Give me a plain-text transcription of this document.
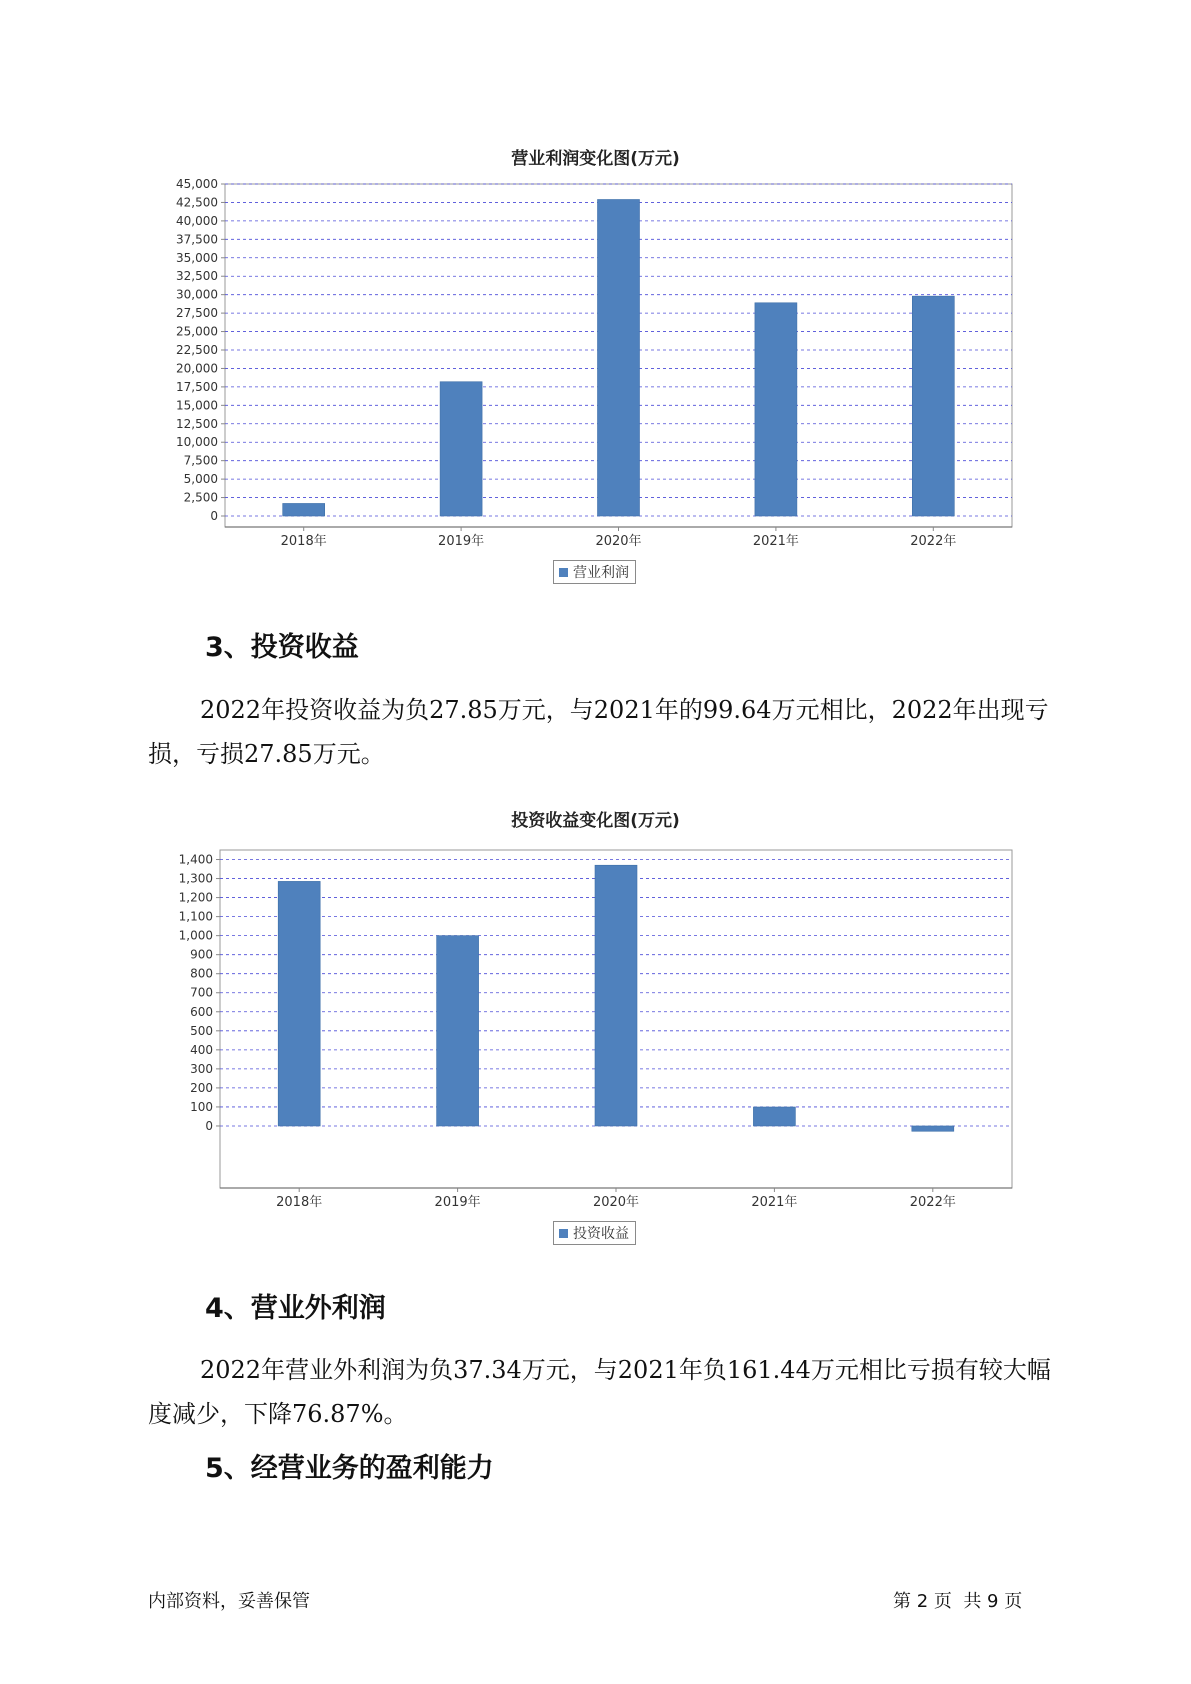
营业利润变化图(万元)
0
2,500
5,000
7,500
10,000
12,500
15,000
17,500
20,000
22,500
25,000
27,500
30,000
32,500
35,000
37,500
40,000
42,500
45,000
2018年	2019年	2020年	2021年	2022年
营业利润
3、投资收益

2022年投资收益为负27.85万元，与2021年的99.64万元相比，2022年出现亏损，亏损27.85万元。

投资收益变化图(万元)
0
100
200
300
400
500
600
700
800
900
1,000
1,100
1,200
1,300
1,400
2018年	2019年	2020年	2021年	2022年
投资收益
4、营业外利润

2022年营业外利润为负37.34万元，与2021年负161.44万元相比亏损有较大幅度减少，下降76.87%。

5、经营业务的盈利能力
内部资料，妥善保管	第 2 页  共 9 页
